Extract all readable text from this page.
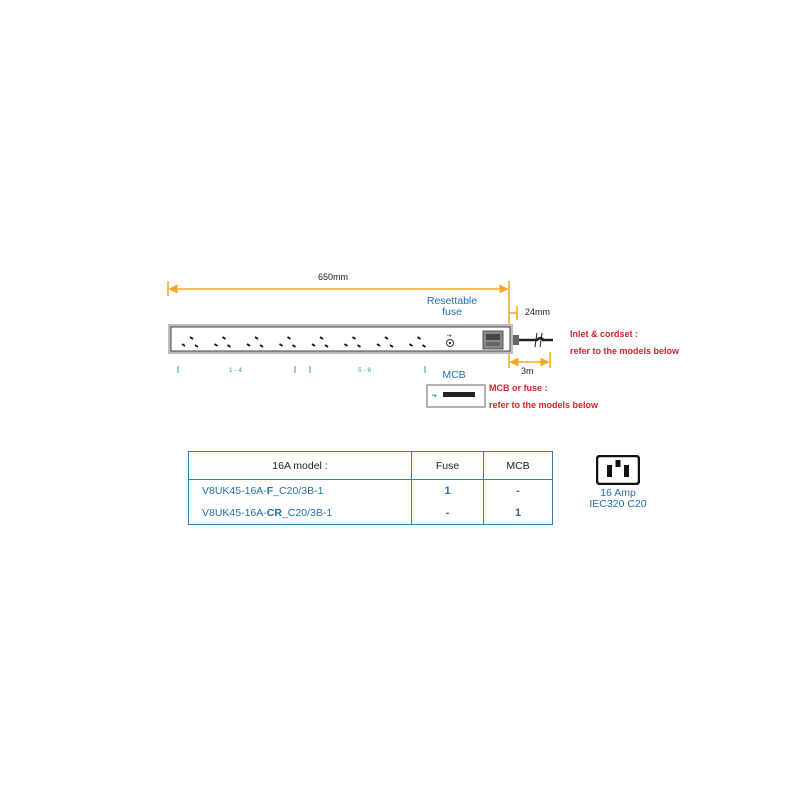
•●
•●
650mm
24mm
3m
Resettable
fuse
MCB
1 - 4	5 - 8
Inlet & cordset :
refer to the models below
MCB or fuse :
refer to the models below
16A model :	Fuse	MCB
V8UK45-16A-F_C20/3B-1	1	-
V8UK45-16A-CR_C20/3B-1	-	1
16 Amp
IEC320 C20
